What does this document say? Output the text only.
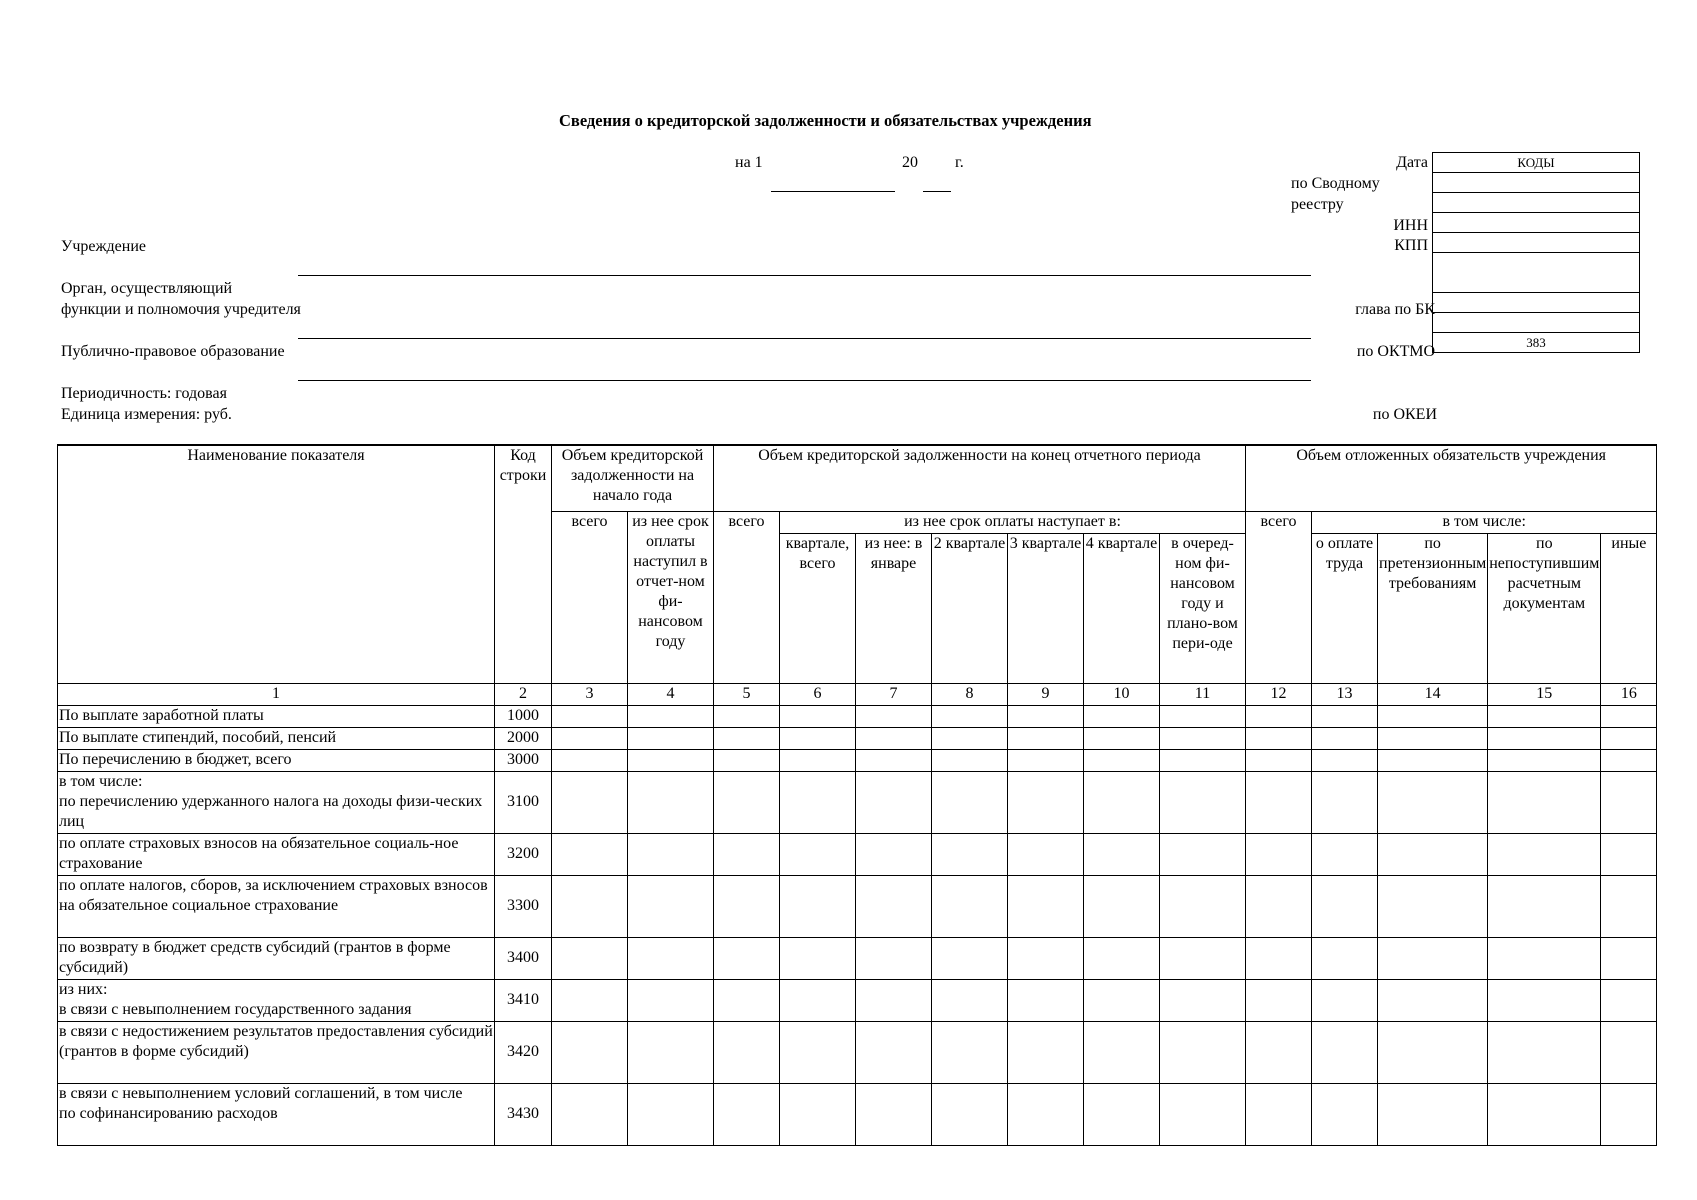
Сведения о кредиторской задолженности и обязательствах учреждения
на 1	20 г.
Учреждение
Орган, осуществляющий
функции и полномочия учредителя
Публично-правовое образование
Периодичность: годовая
Единица измерения: руб.
Дата
по Сводному
реестру
ИНН
КПП
глава по БК
по ОКТМО
по ОКЕИ
КОДЫ

383
Наименование показателя	Код строки	Объем кредиторской задолженности на начало года		Объем кредиторской задолженности на конец отчетного периода							Объем отложенных обязательств учреждения				
		всего	из нее срок оплаты наступил в отчет-ном фи-нансовом году	всего	из нее срок оплаты наступает в:						всего	в том числе:			
					квартале, всего	из нее: в январе	2 квартале	3 квартале	4 квартале	в очеред-ном фи-нансовом году и плано-вом пери-оде		о оплате труда	по претензионным требованиям	по непоступившим расчетным документам	иные
1	2	3	4	5	6	7	8	9	10	11	12	13	14	15	16
По выплате заработной платы	1000														
По выплате стипендий, пособий, пенсий	2000														
По перечислению в бюджет, всего	3000														
в том числе:
по перечислению удержанного налога на доходы физи-ческих лиц	3100														
по оплате страховых взносов на обязательное социаль-ное страхование	3200														
по оплате налогов, сборов, за исключением страховых взносов
на обязательное социальное страхование	3300														
по возврату в бюджет средств субсидий (грантов в форме субсидий)	3400														
из них:
в связи с невыполнением государственного задания	3410														
в связи с недостижением результатов предоставления субсидий
(грантов в форме субсидий)	3420														
в связи с невыполнением условий соглашений, в том числе
по софинансированию расходов	3430														
